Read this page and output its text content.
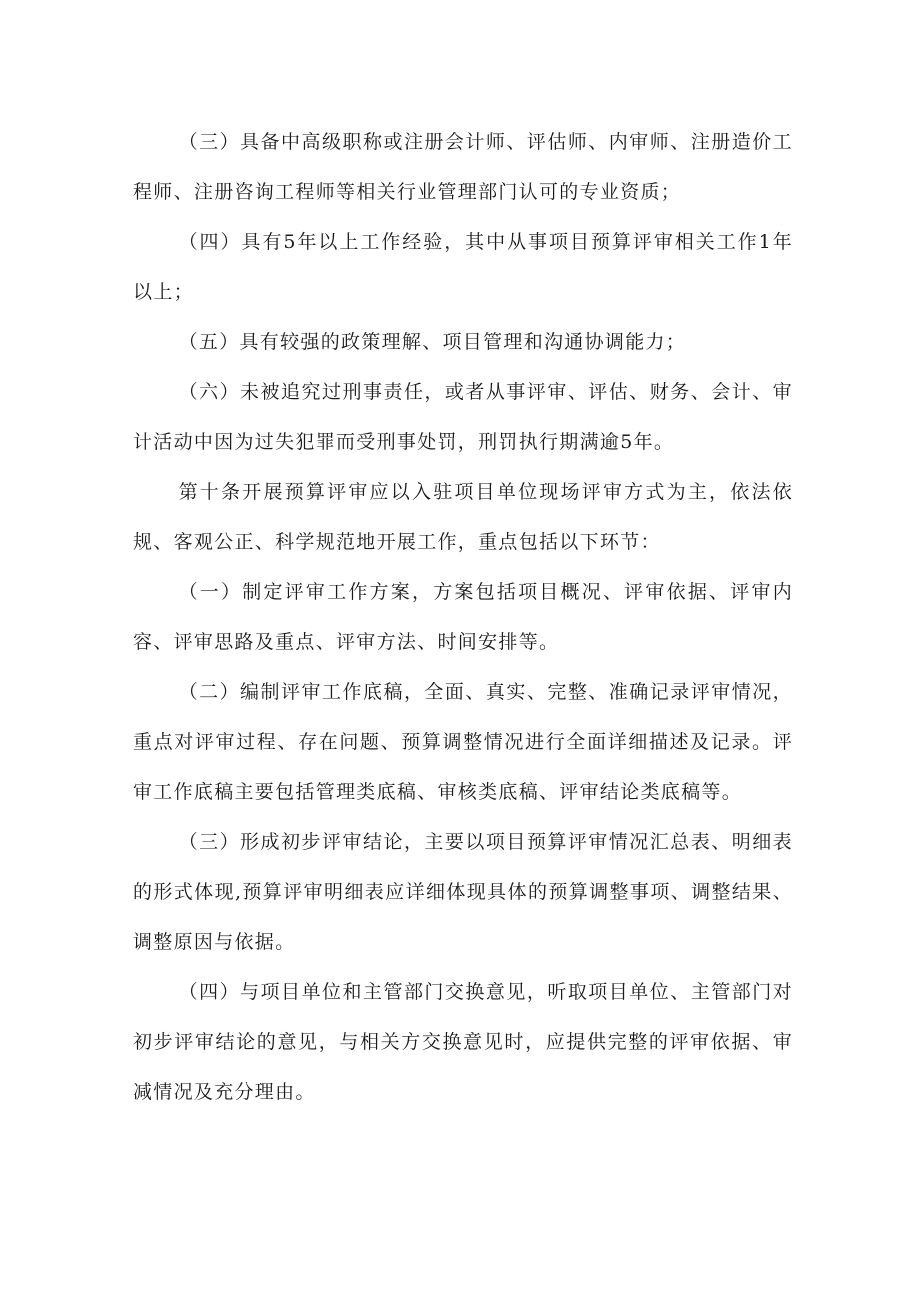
（三）具备中高级职称或注册会计师、评估师、内审师、注册造价工程师、注册咨询工程师等相关行业管理部门认可的专业资质；

（四）具有5年以上工作经验，其中从事项目预算评审相关工作1年以上；

（五）具有较强的政策理解、项目管理和沟通协调能力；

（六）未被追究过刑事责任，或者从事评审、评估、财务、会计、审计活动中因为过失犯罪而受刑事处罚，刑罚执行期满逾5年。

第十条开展预算评审应以入驻项目单位现场评审方式为主，依法依规、客观公正、科学规范地开展工作，重点包括以下环节：

（一）制定评审工作方案，方案包括项目概况、评审依据、评审内容、评审思路及重点、评审方法、时间安排等。

（二）编制评审工作底稿，全面、真实、完整、准确记录评审情况，重点对评审过程、存在问题、预算调整情况进行全面详细描述及记录。评审工作底稿主要包括管理类底稿、审核类底稿、评审结论类底稿等。

（三）形成初步评审结论，主要以项目预算评审情况汇总表、明细表的形式体现,预算评审明细表应详细体现具体的预算调整事项、调整结果、调整原因与依据。

（四）与项目单位和主管部门交换意见，听取项目单位、主管部门对初步评审结论的意见，与相关方交换意见时，应提供完整的评审依据、审减情况及充分理由。
